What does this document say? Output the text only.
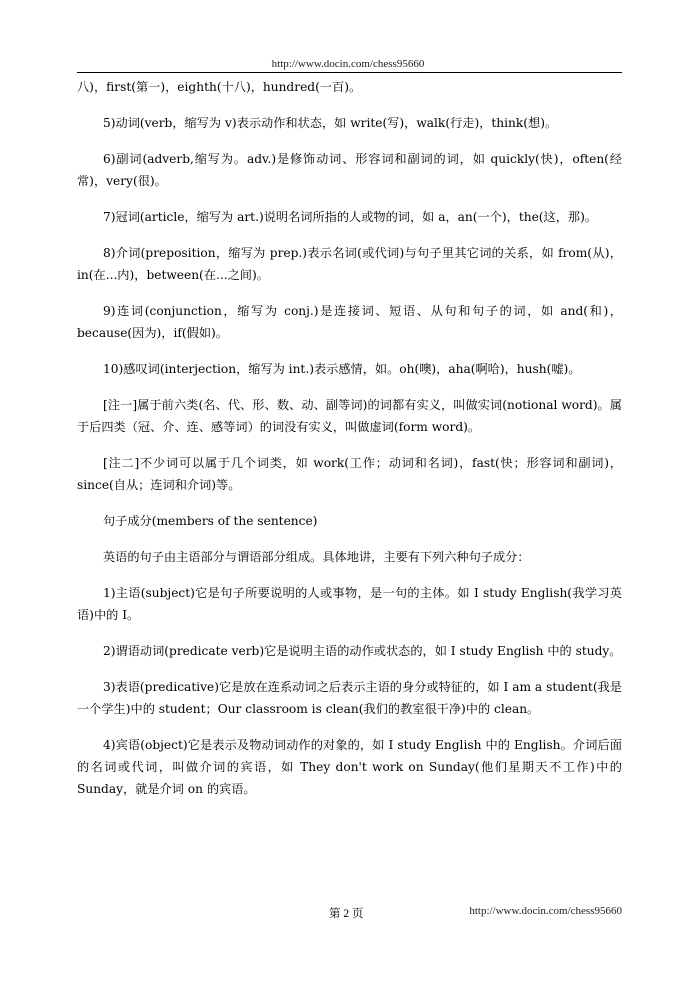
http://www.docin.com/chess95660

八)，first(第一)，eighth(十八)，hundred(一百)。

5)动词(verb，缩写为 v)表示动作和状态，如 write(写)，walk(行走)，think(想)。

6)副词(adverb,缩写为。adv.)是修饰动词、形容词和副词的词，如 quickly(快)，often(经常)，very(很)。

7)冠词(article，缩写为 art.)说明名词所指的人或物的词，如 a，an(一个)，the(这，那)。

8)介词(preposition，缩写为 prep.)表示名词(或代词)与句子里其它词的关系，如 from(从)，in(在...内)，between(在...之间)。

9)连词(conjunction，缩写为 conj.)是连接词、短语、从句和句子的词，如 and(和)，because(因为)，if(假如)。

10)感叹词(interjection，缩写为 int.)表示感情，如。oh(噢)，aha(啊哈)，hush(嘘)。

[注一]属于前六类(名、代、形、数、动、副等词)的词都有实义，叫做实词(notional word)。属于后四类（冠、介、连、感等词）的词没有实义，叫做虚词(form word)。

[注二]不少词可以属于几个词类，如 work(工作；动词和名词)，fast(快；形容词和副词)，since(自从；连词和介词)等。

句子成分(members of the sentence)

英语的句子由主语部分与谓语部分组成。具体地讲，主要有下列六种句子成分：

1)主语(subject)它是句子所要说明的人或事物，是一句的主体。如 I study English(我学习英语)中的 I。

2)谓语动词(predicate verb)它是说明主语的动作或状态的，如 I study English 中的 study。

3)表语(predicative)它是放在连系动词之后表示主语的身分或特征的，如 I am a student(我是一个学生)中的 student；Our classroom is clean(我们的教室很干净)中的 clean。

4)宾语(object)它是表示及物动词动作的对象的，如 I study English 中的 English。介词后面的名词或代词，叫做介词的宾语，如 They don't work on Sunday(他们星期天不工作)中的 Sunday，就是介词 on 的宾语。

第 2 页	http://www.docin.com/chess95660
